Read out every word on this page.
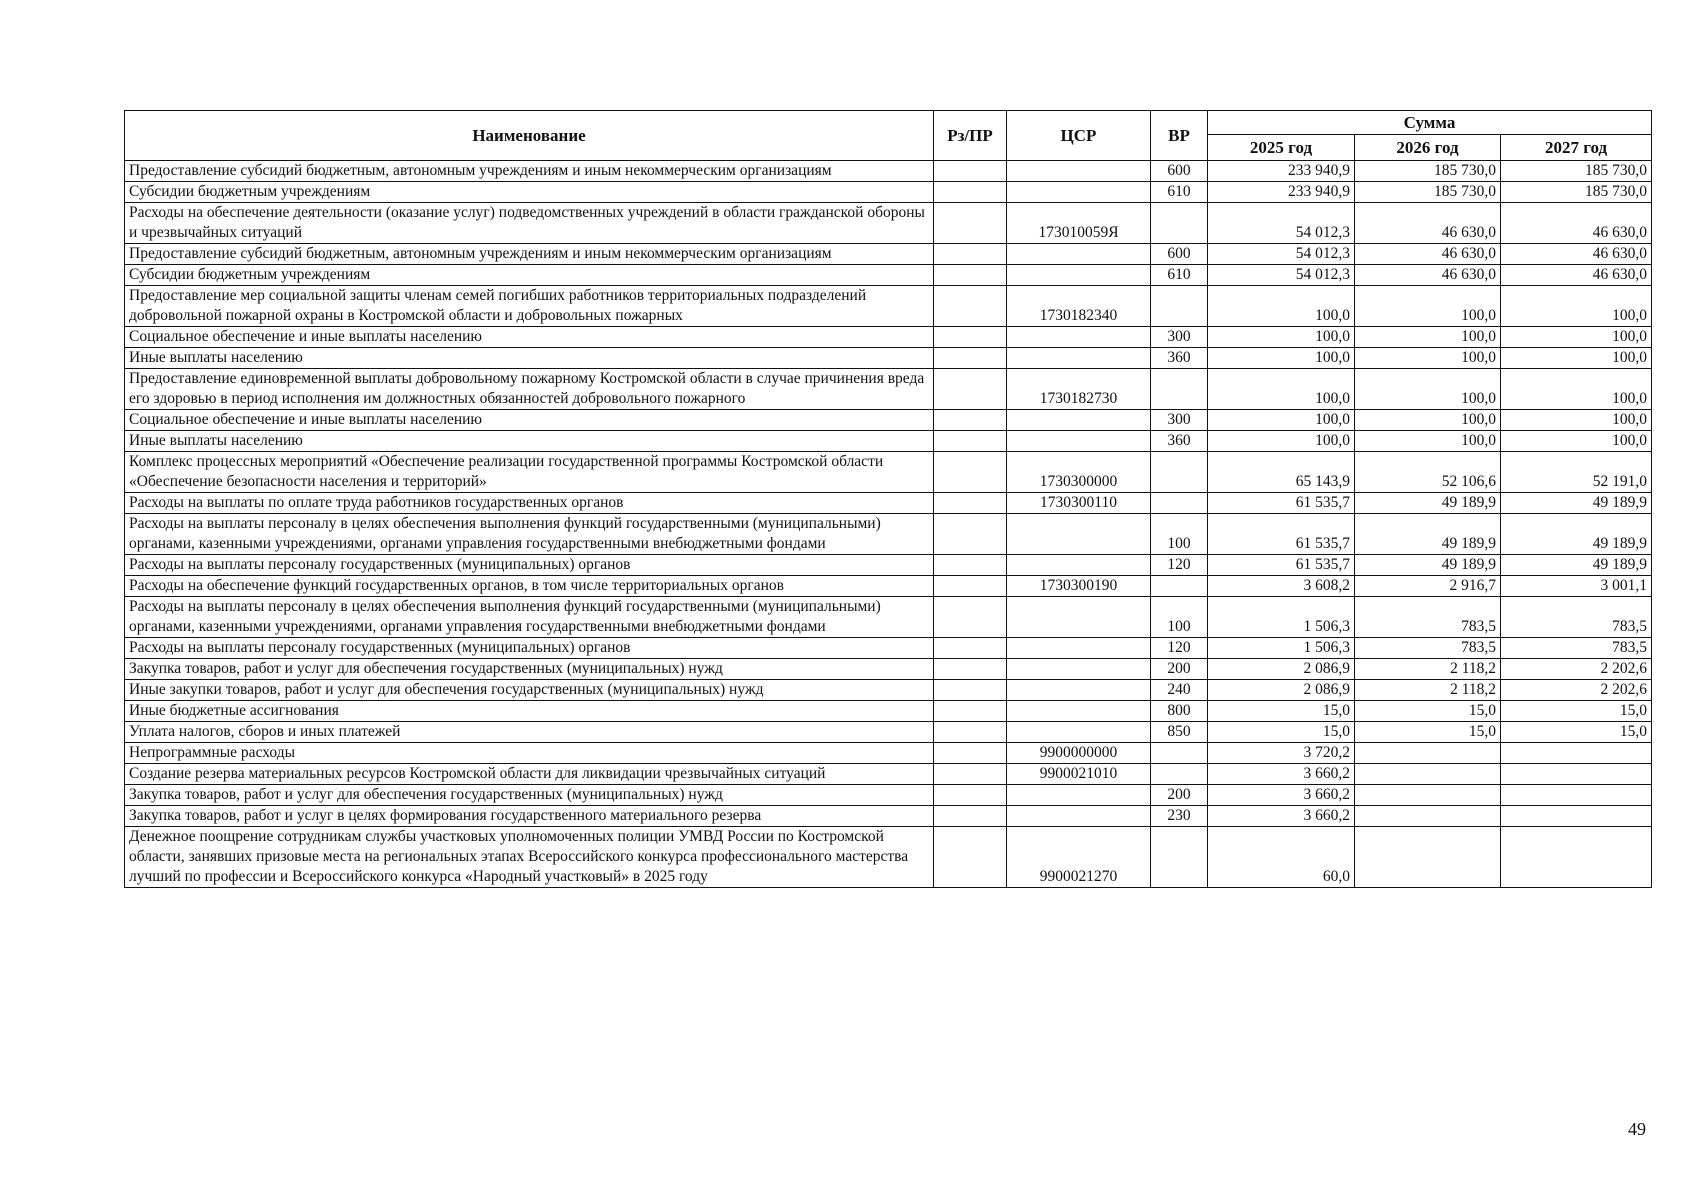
Наименование	Рз/ПР	ЦСР	ВР	Сумма		
				2025 год	2026 год	2027 год
Предоставление субсидий бюджетным, автономным учреждениям и иным некоммерческим организациям			600	233 940,9	185 730,0	185 730,0
Субсидии бюджетным учреждениям			610	233 940,9	185 730,0	185 730,0
Расходы на обеспечение деятельности (оказание услуг) подведомственных учреждений в области гражданской обороны и чрезвычайных ситуаций		173010059Я		54 012,3	46 630,0	46 630,0
Предоставление субсидий бюджетным, автономным учреждениям и иным некоммерческим организациям			600	54 012,3	46 630,0	46 630,0
Субсидии бюджетным учреждениям			610	54 012,3	46 630,0	46 630,0
Предоставление мер социальной защиты членам семей погибших работников территориальных подразделений добровольной пожарной охраны в Костромской области и добровольных пожарных		1730182340		100,0	100,0	100,0
Социальное обеспечение и иные выплаты населению			300	100,0	100,0	100,0
Иные выплаты населению			360	100,0	100,0	100,0
Предоставление единовременной выплаты добровольному пожарному Костромской области в случае причинения вреда его здоровью в период исполнения им должностных обязанностей добровольного пожарного		1730182730		100,0	100,0	100,0
Социальное обеспечение и иные выплаты населению			300	100,0	100,0	100,0
Иные выплаты населению			360	100,0	100,0	100,0
Комплекс процессных мероприятий «Обеспечение реализации государственной программы Костромской области «Обеспечение безопасности населения и территорий»		1730300000		65 143,9	52 106,6	52 191,0
Расходы на выплаты по оплате труда работников государственных органов		1730300110		61 535,7	49 189,9	49 189,9
Расходы на выплаты персоналу в целях обеспечения выполнения функций государственными (муниципальными) органами, казенными учреждениями, органами управления государственными внебюджетными фондами			100	61 535,7	49 189,9	49 189,9
Расходы на выплаты персоналу государственных (муниципальных) органов			120	61 535,7	49 189,9	49 189,9
Расходы на обеспечение функций государственных органов, в том числе территориальных органов		1730300190		3 608,2	2 916,7	3 001,1
Расходы на выплаты персоналу в целях обеспечения выполнения функций государственными (муниципальными) органами, казенными учреждениями, органами управления государственными внебюджетными фондами			100	1 506,3	783,5	783,5
Расходы на выплаты персоналу государственных (муниципальных) органов			120	1 506,3	783,5	783,5
Закупка товаров, работ и услуг для обеспечения государственных (муниципальных) нужд			200	2 086,9	2 118,2	2 202,6
Иные закупки товаров, работ и услуг для обеспечения государственных (муниципальных) нужд			240	2 086,9	2 118,2	2 202,6
Иные бюджетные ассигнования			800	15,0	15,0	15,0
Уплата налогов, сборов и иных платежей			850	15,0	15,0	15,0
Непрограммные расходы		9900000000		3 720,2		
Создание резерва материальных ресурсов Костромской области для ликвидации чрезвычайных ситуаций		9900021010		3 660,2		
Закупка товаров, работ и услуг для обеспечения государственных (муниципальных) нужд			200	3 660,2		
Закупка товаров, работ и услуг в целях формирования государственного материального резерва			230	3 660,2		
Денежное поощрение сотрудникам службы участковых уполномоченных полиции УМВД России по Костромской области, занявших призовые места на региональных этапах Всероссийского конкурса профессионального мастерства лучший по профессии и Всероссийского конкурса «Народный участковый» в 2025 году		9900021270		60,0		
49
